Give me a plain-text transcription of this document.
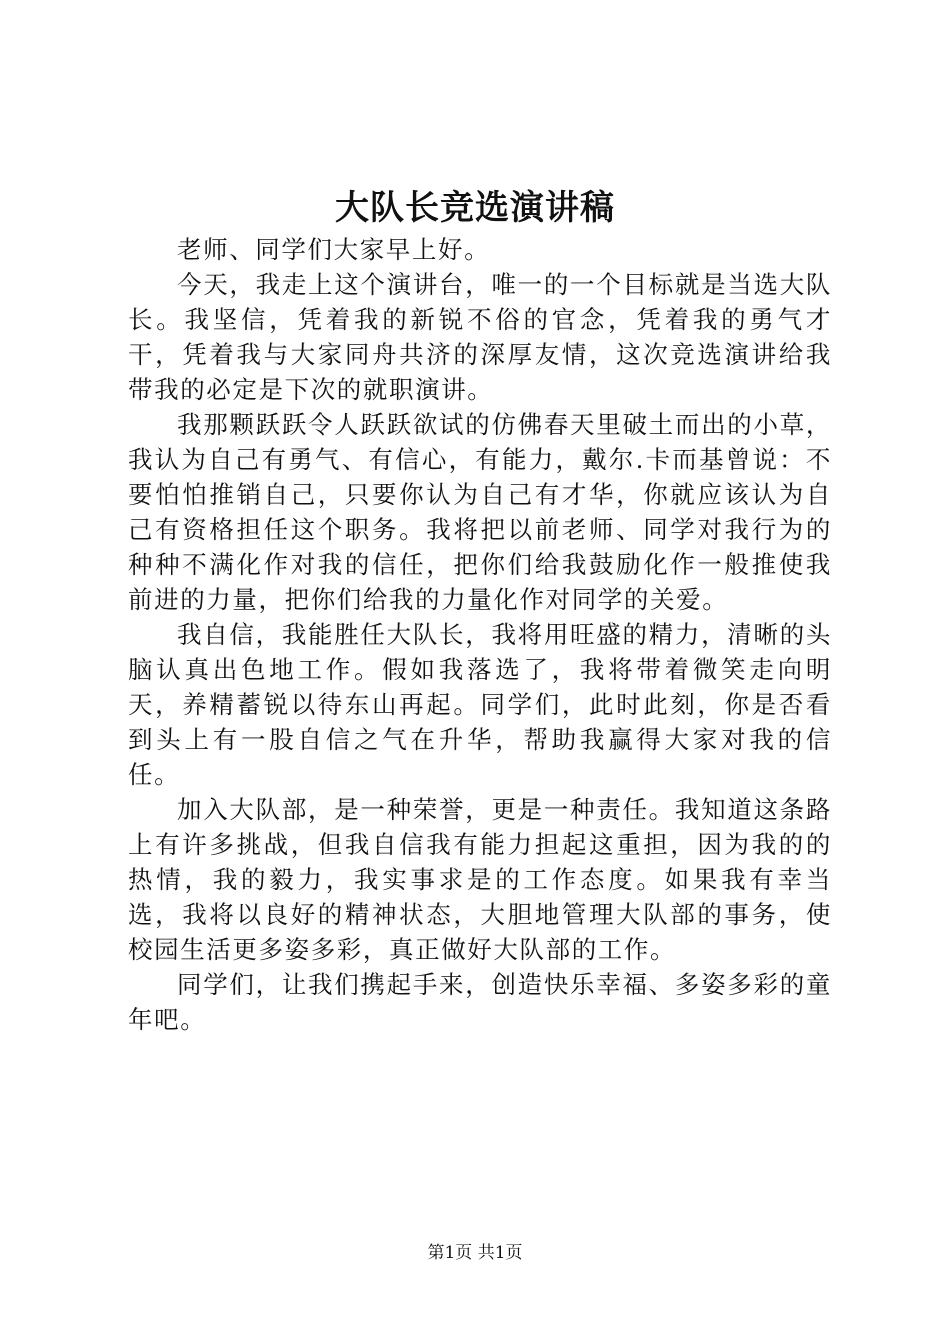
大队长竞选演讲稿

老师、同学们大家早上好。

今天，我走上这个演讲台，唯一的一个目标就是当选大队长。我坚信，凭着我的新锐不俗的官念，凭着我的勇气才干，凭着我与大家同舟共济的深厚友情，这次竞选演讲给我带我的必定是下次的就职演讲。

我那颗跃跃令人跃跃欲试的仿佛春天里破土而出的小草，我认为自己有勇气、有信心，有能力，戴尔.卡而基曾说：不要怕怕推销自己，只要你认为自己有才华，你就应该认为自己有资格担任这个职务。我将把以前老师、同学对我行为的种种不满化作对我的信任，把你们给我鼓励化作一般推使我前进的力量，把你们给我的力量化作对同学的关爱。

我自信，我能胜任大队长，我将用旺盛的精力，清晰的头脑认真出色地工作。假如我落选了，我将带着微笑走向明天，养精蓄锐以待东山再起。同学们，此时此刻，你是否看到头上有一股自信之气在升华，帮助我赢得大家对我的信任。

加入大队部，是一种荣誉，更是一种责任。我知道这条路上有许多挑战，但我自信我有能力担起这重担，因为我的的热情，我的毅力，我实事求是的工作态度。如果我有幸当选，我将以良好的精神状态，大胆地管理大队部的事务，使校园生活更多姿多彩，真正做好大队部的工作。

同学们，让我们携起手来，创造快乐幸福、多姿多彩的童年吧。

第1页 共1页
